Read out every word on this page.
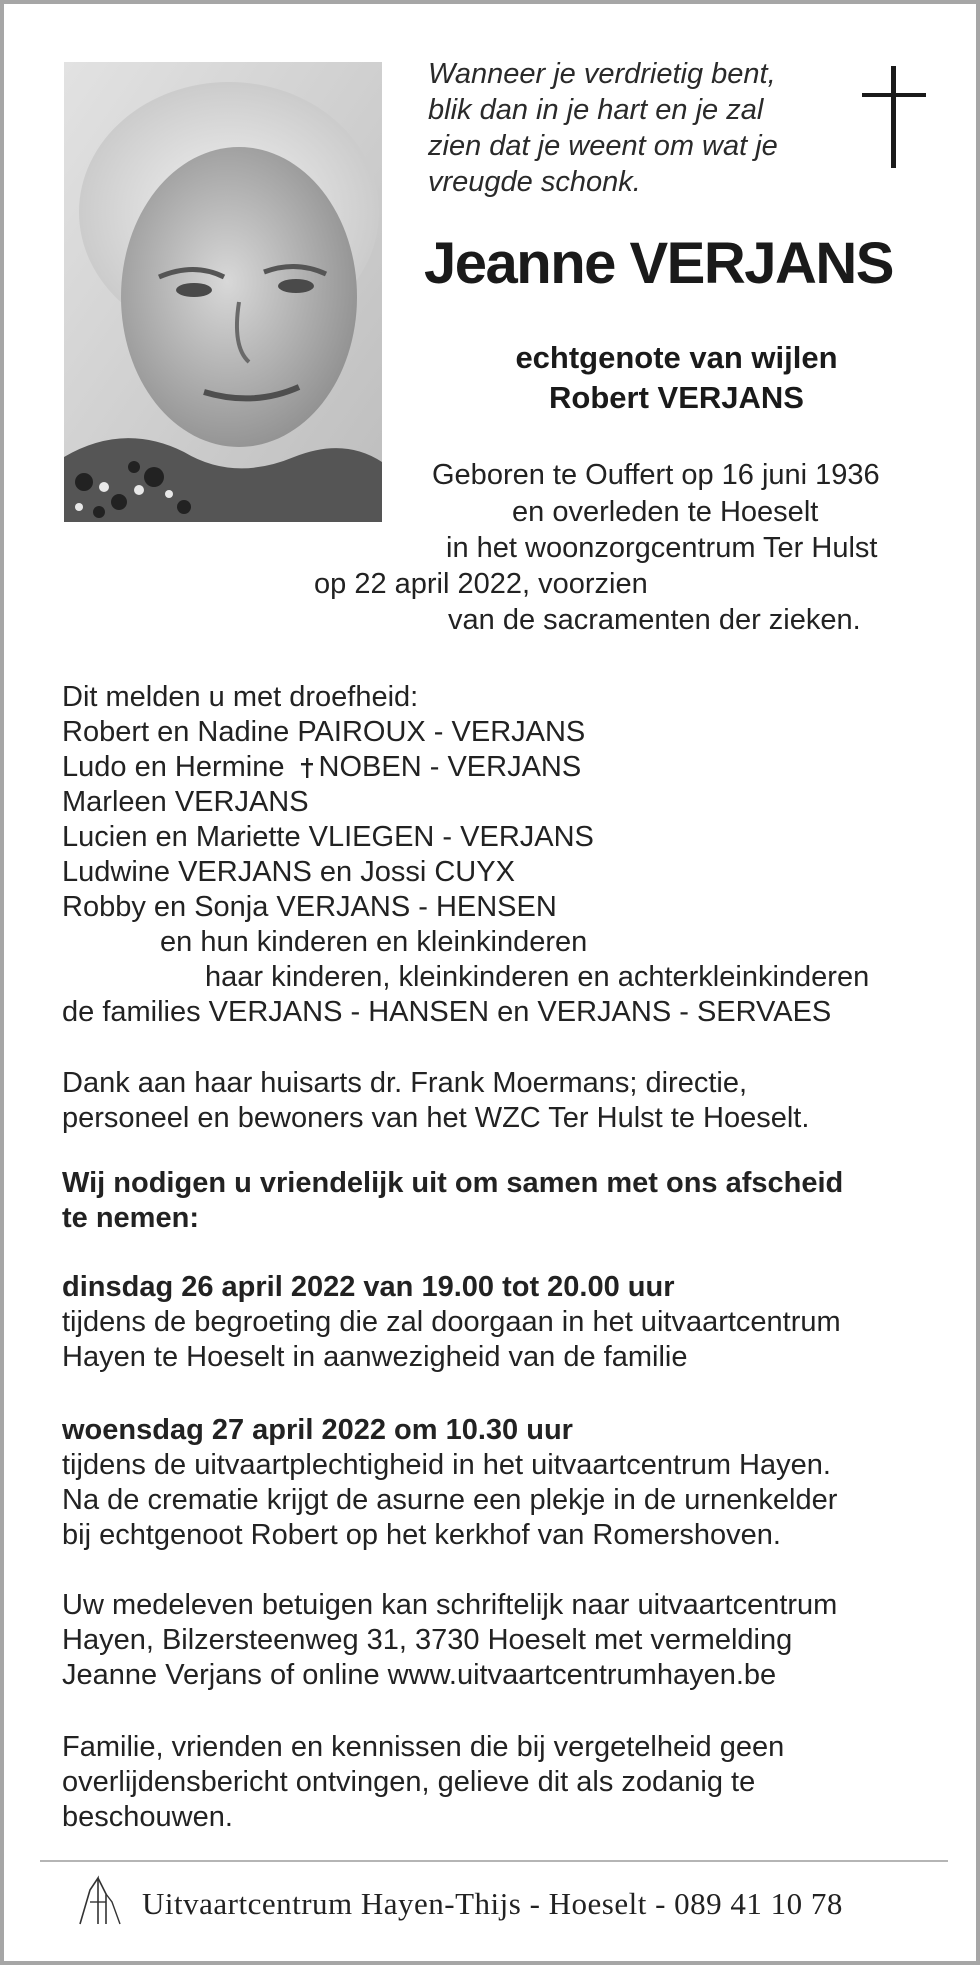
Wanneer je verdrietig bent,
blik dan in je hart en je zal
zien dat je weent om wat je
vreugde schonk.
Jeanne VERJANS
echtgenote van wijlen
Robert VERJANS
Geboren te Ouffert op 16 juni 1936
en overleden te Hoeselt
in het woonzorgcentrum Ter Hulst
op 22 april 2022, voorzien
van de sacramenten der zieken.
Dit melden u met droefheid:
Robert en Nadine PAIROUX - VERJANS
Ludo en Hermine NOBEN - VERJANS
Marleen VERJANS
Lucien en Mariette VLIEGEN - VERJANS
Ludwine VERJANS en Jossi CUYX
Robby en Sonja VERJANS - HENSEN
en hun kinderen en kleinkinderen
haar kinderen, kleinkinderen en achterkleinkinderen
de families VERJANS - HANSEN en VERJANS - SERVAES
Dank aan haar huisarts dr. Frank Moermans; directie,
personeel en bewoners van het WZC Ter Hulst te Hoeselt.
Wij nodigen u vriendelijk uit om samen met ons afscheid
te nemen:
dinsdag 26 april 2022 van 19.00 tot 20.00 uur
tijdens de begroeting die zal doorgaan in het uitvaartcentrum
Hayen te Hoeselt in aanwezigheid van de familie
woensdag 27 april 2022 om 10.30 uur
tijdens de uitvaartplechtigheid in het uitvaartcentrum Hayen.
Na de crematie krijgt de asurne een plekje in de urnenkelder
bij echtgenoot Robert op het kerkhof van Romershoven.
Uw medeleven betuigen kan schriftelijk naar uitvaartcentrum
Hayen, Bilzersteenweg 31, 3730 Hoeselt met vermelding
Jeanne Verjans of online www.uitvaartcentrumhayen.be
Familie, vrienden en kennissen die bij vergetelheid geen
overlijdensbericht ontvingen, gelieve dit als zodanig te
beschouwen.
Uitvaartcentrum Hayen-Thijs - Hoeselt - 089 41 10 78
